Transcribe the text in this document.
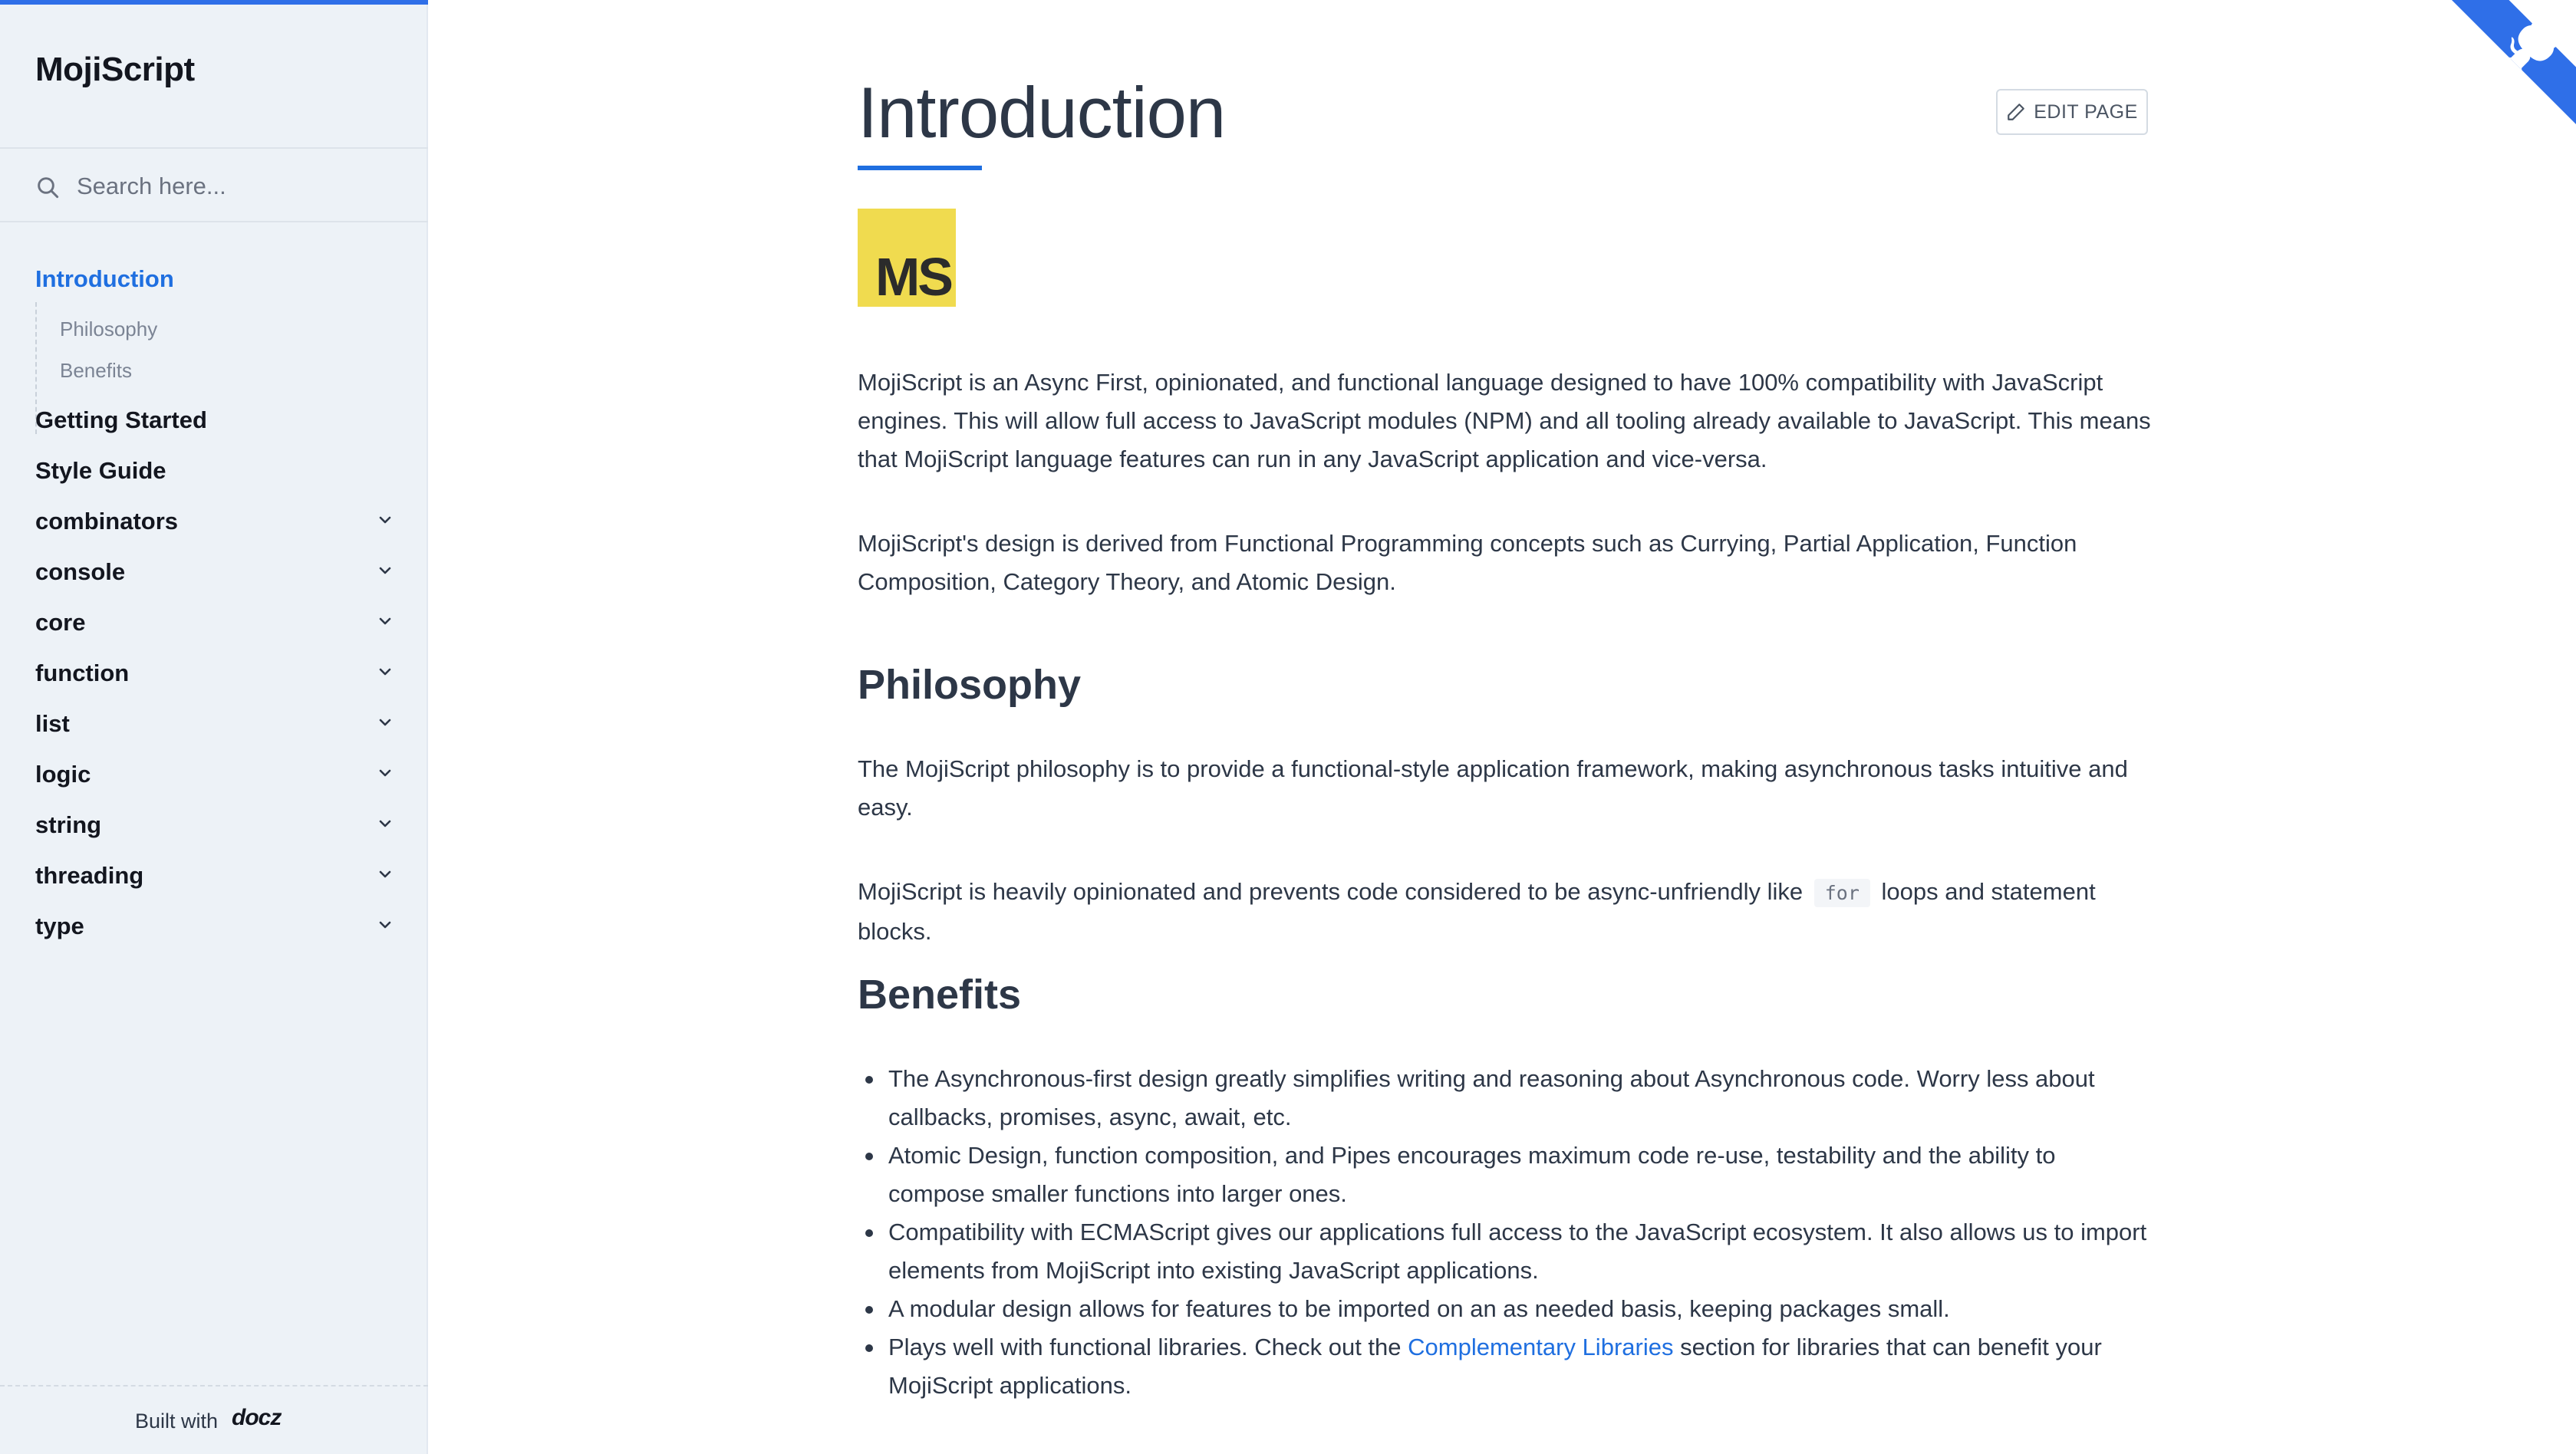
MojiScript
Search here...
Introduction
Philosophy
Benefits
Getting Started
Style Guide
combinators
console
core
function
list
logic
string
threading
type
Built with docz
Introduction	EDIT PAGE
MS

MojiScript is an Async First, opinionated, and functional language designed to have 100% compatibility with JavaScript engines. This will allow full access to JavaScript modules (NPM) and all tooling already available to JavaScript. This means that MojiScript language features can run in any JavaScript application and vice-versa.

MojiScript's design is derived from Functional Programming concepts such as Currying, Partial Application, Function Composition, Category Theory, and Atomic Design.

Philosophy

The MojiScript philosophy is to provide a functional-style application framework, making asynchronous tasks intuitive and easy.

MojiScript is heavily opinionated and prevents code considered to be async-unfriendly like for loops and statement blocks.

Benefits
The Asynchronous-first design greatly simplifies writing and reasoning about Asynchronous code. Worry less about callbacks, promises, async, await, etc.
Atomic Design, function composition, and Pipes encourages maximum code re-use, testability and the ability to compose smaller functions into larger ones.
Compatibility with ECMAScript gives our applications full access to the JavaScript ecosystem. It also allows us to import elements from MojiScript into existing JavaScript applications.
A modular design allows for features to be imported on an as needed basis, keeping packages small.
Plays well with functional libraries. Check out the Complementary Libraries section for libraries that can benefit your MojiScript applications.
